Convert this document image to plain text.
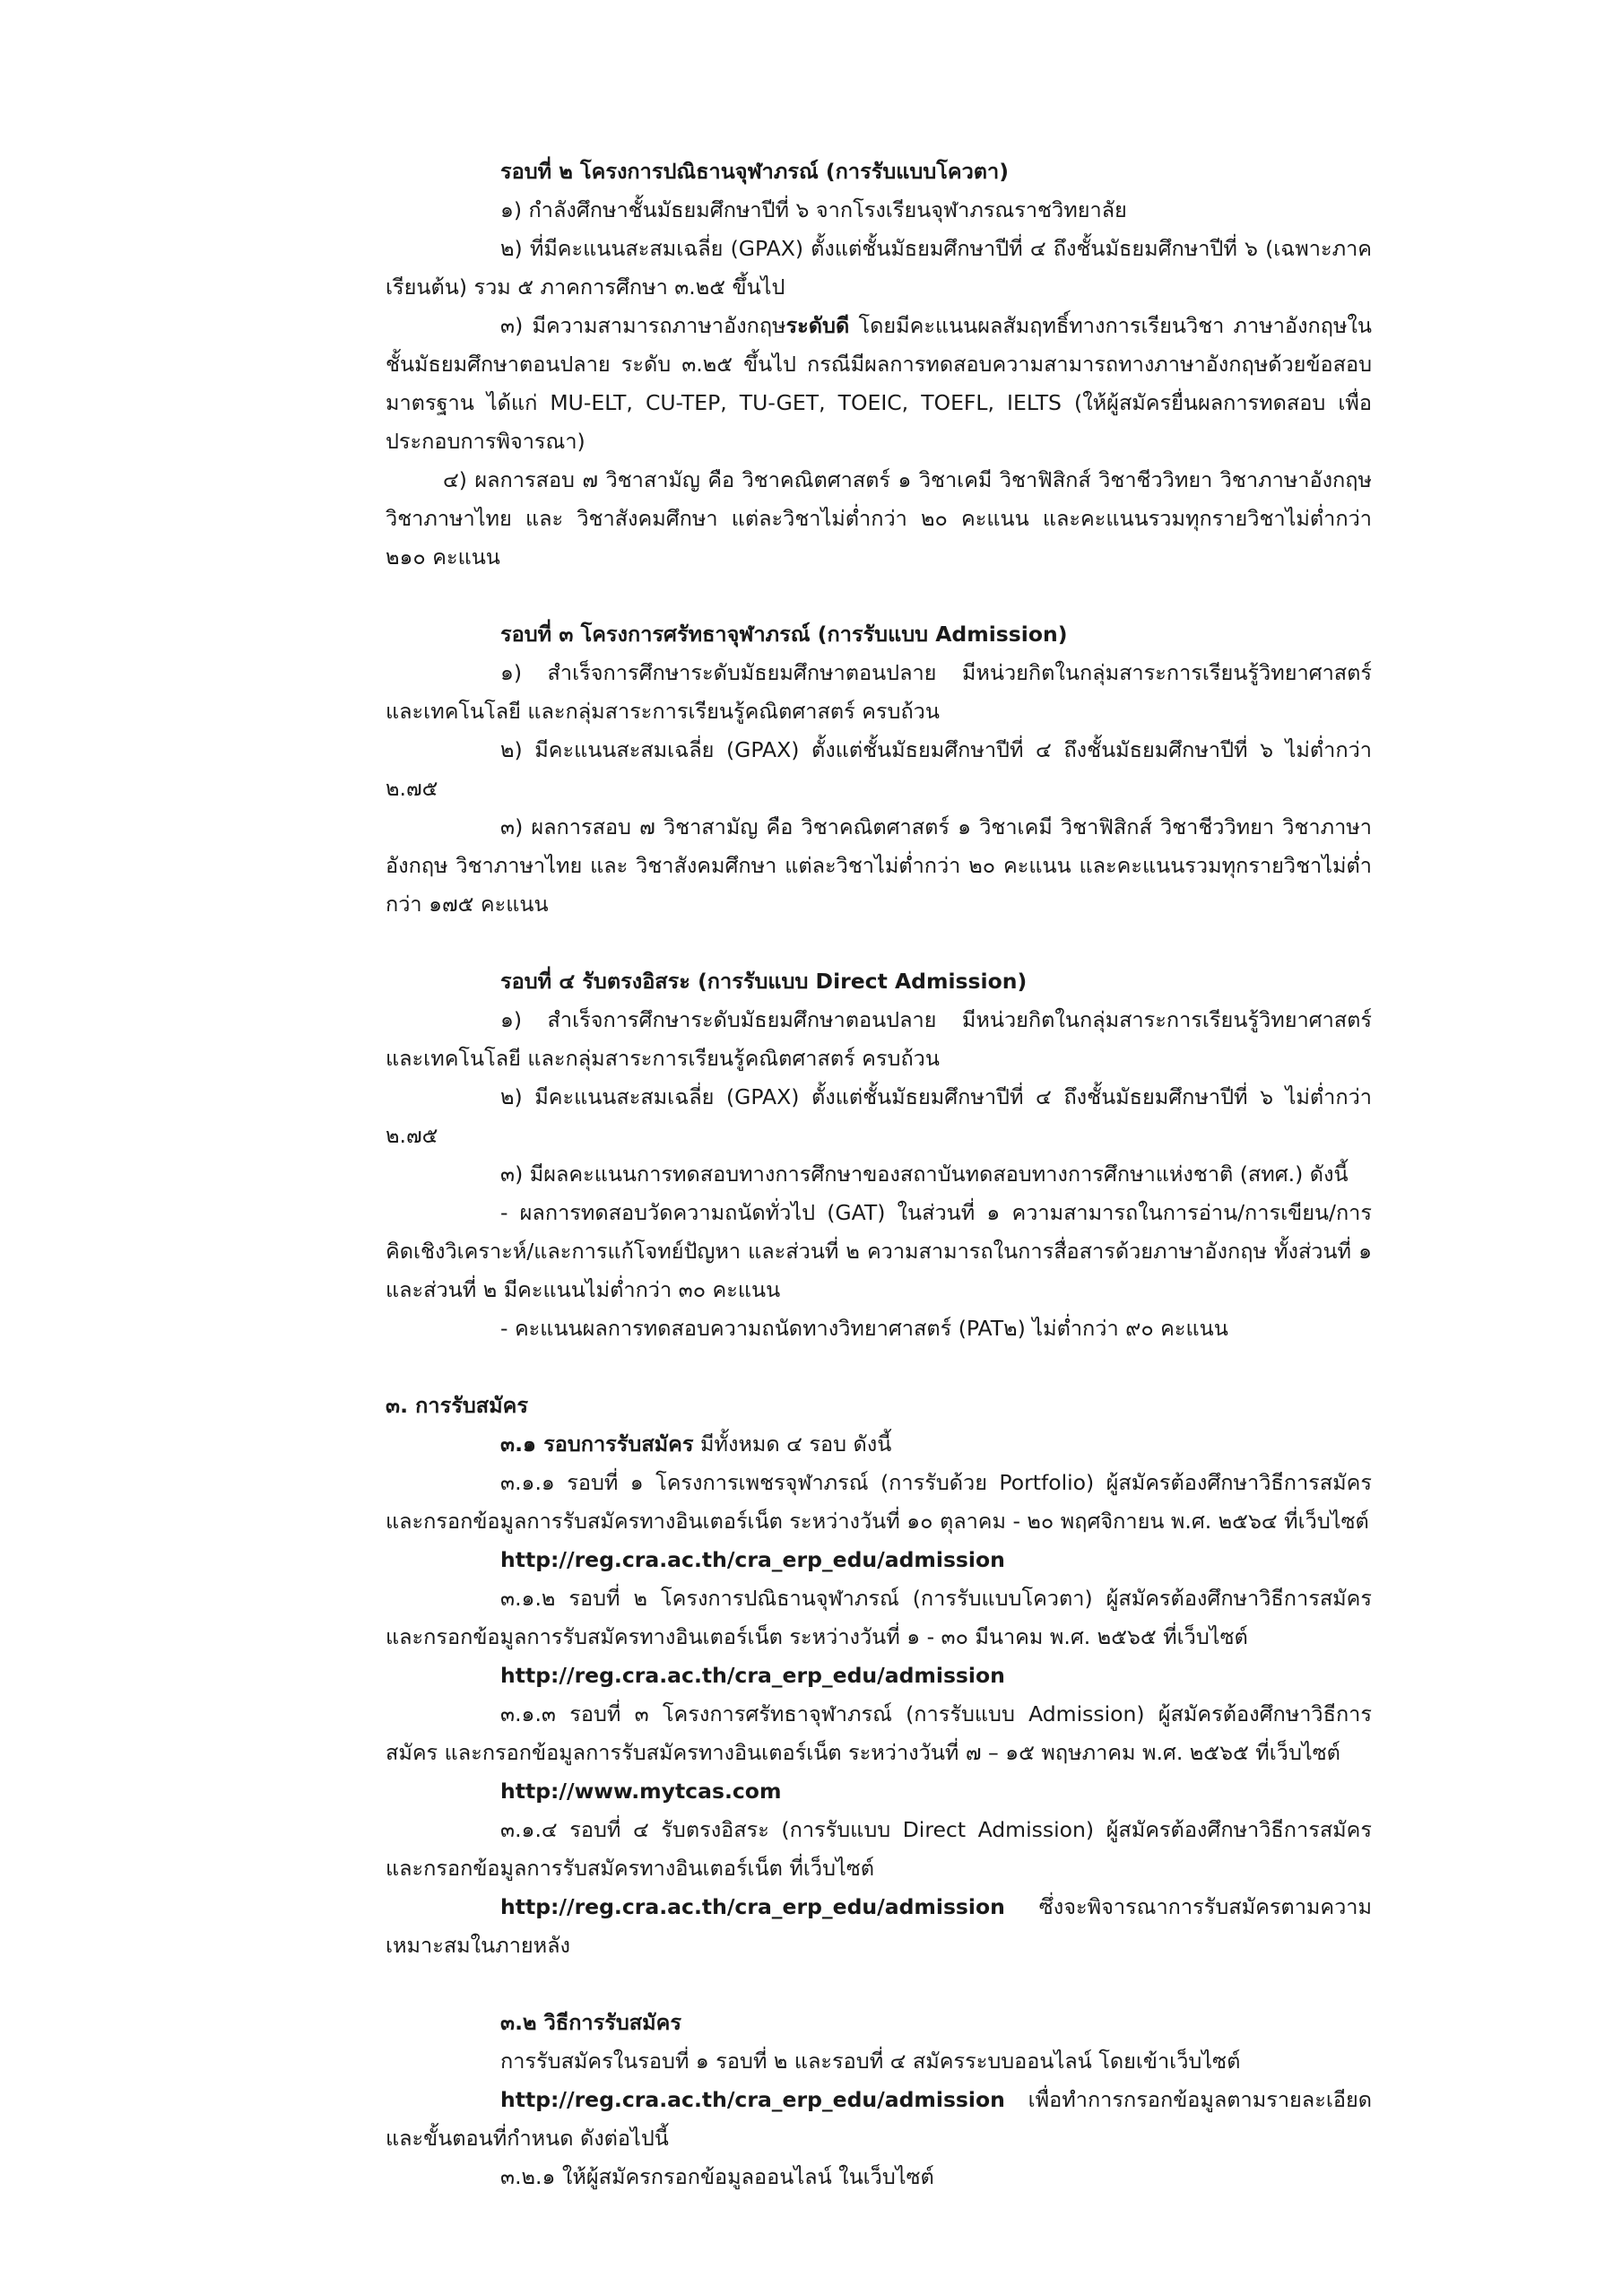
รอบที่ ๒ โครงการปณิธานจุฬาภรณ์ (การรับแบบโควตา)

๑) กำลังศึกษาชั้นมัธยมศึกษาปีที่ ๖ จากโรงเรียนจุฬาภรณราชวิทยาลัย

๒) ที่มีคะแนนสะสมเฉลี่ย (GPAX) ตั้งแต่ชั้นมัธยมศึกษาปีที่ ๔ ถึงชั้นมัธยมศึกษาปีที่ ๖ (เฉพาะภาคเรียนต้น) รวม ๕ ภาคการศึกษา ๓.๒๕ ขึ้นไป

๓) มีความสามารถภาษาอังกฤษระดับดี โดยมีคะแนนผลสัมฤทธิ์ทางการเรียนวิชา ภาษาอังกฤษในชั้นมัธยมศึกษาตอนปลาย ระดับ ๓.๒๕ ขึ้นไป กรณีมีผลการทดสอบความสามารถทางภาษาอังกฤษด้วยข้อสอบมาตรฐาน ได้แก่ MU-ELT, CU-TEP, TU-GET, TOEIC, TOEFL, IELTS (ให้ผู้สมัครยื่นผลการทดสอบ เพื่อประกอบการพิจารณา)

๔) ผลการสอบ ๗ วิชาสามัญ คือ วิชาคณิตศาสตร์ ๑ วิชาเคมี วิชาฟิสิกส์ วิชาชีววิทยา วิชาภาษาอังกฤษ วิชาภาษาไทย และ วิชาสังคมศึกษา แต่ละวิชาไม่ต่ำกว่า ๒๐ คะแนน และคะแนนรวมทุกรายวิชาไม่ต่ำกว่า ๒๑๐ คะแนน

รอบที่ ๓ โครงการศรัทธาจุฬาภรณ์ (การรับแบบ Admission)

๑) สำเร็จการศึกษาระดับมัธยมศึกษาตอนปลาย มีหน่วยกิตในกลุ่มสาระการเรียนรู้วิทยาศาสตร์และเทคโนโลยี และกลุ่มสาระการเรียนรู้คณิตศาสตร์ ครบถ้วน

๒) มีคะแนนสะสมเฉลี่ย (GPAX) ตั้งแต่ชั้นมัธยมศึกษาปีที่ ๔ ถึงชั้นมัธยมศึกษาปีที่ ๖ ไม่ต่ำกว่า ๒.๗๕

๓) ผลการสอบ ๗ วิชาสามัญ คือ วิชาคณิตศาสตร์ ๑ วิชาเคมี วิชาฟิสิกส์ วิชาชีววิทยา วิชาภาษาอังกฤษ วิชาภาษาไทย และ วิชาสังคมศึกษา แต่ละวิชาไม่ต่ำกว่า ๒๐ คะแนน และคะแนนรวมทุกรายวิชาไม่ต่ำกว่า ๑๗๕ คะแนน

รอบที่ ๔ รับตรงอิสระ (การรับแบบ Direct Admission)

๑) สำเร็จการศึกษาระดับมัธยมศึกษาตอนปลาย มีหน่วยกิตในกลุ่มสาระการเรียนรู้วิทยาศาสตร์และเทคโนโลยี และกลุ่มสาระการเรียนรู้คณิตศาสตร์ ครบถ้วน

๒) มีคะแนนสะสมเฉลี่ย (GPAX) ตั้งแต่ชั้นมัธยมศึกษาปีที่ ๔ ถึงชั้นมัธยมศึกษาปีที่ ๖ ไม่ต่ำกว่า ๒.๗๕

๓) มีผลคะแนนการทดสอบทางการศึกษาของสถาบันทดสอบทางการศึกษาแห่งชาติ (สทศ.) ดังนี้

- ผลการทดสอบวัดความถนัดทั่วไป (GAT) ในส่วนที่ ๑ ความสามารถในการอ่าน/การเขียน/การคิดเชิงวิเคราะห์/และการแก้โจทย์ปัญหา และส่วนที่ ๒ ความสามารถในการสื่อสารด้วยภาษาอังกฤษ ทั้งส่วนที่ ๑ และส่วนที่ ๒ มีคะแนนไม่ต่ำกว่า ๓๐ คะแนน

- คะแนนผลการทดสอบความถนัดทางวิทยาศาสตร์ (PAT๒) ไม่ต่ำกว่า ๙๐ คะแนน

๓. การรับสมัคร

๓.๑ รอบการรับสมัคร มีทั้งหมด ๔ รอบ ดังนี้

๓.๑.๑ รอบที่ ๑ โครงการเพชรจุฬาภรณ์ (การรับด้วย Portfolio) ผู้สมัครต้องศึกษาวิธีการสมัคร และกรอกข้อมูลการรับสมัครทางอินเตอร์เน็ต ระหว่างวันที่ ๑๐ ตุลาคม - ๒๐ พฤศจิกายน พ.ศ. ๒๕๖๔ ที่เว็บไซต์

http://reg.cra.ac.th/cra_erp_edu/admission

๓.๑.๒ รอบที่ ๒ โครงการปณิธานจุฬาภรณ์ (การรับแบบโควตา) ผู้สมัครต้องศึกษาวิธีการสมัคร และกรอกข้อมูลการรับสมัครทางอินเตอร์เน็ต ระหว่างวันที่ ๑ - ๓๐ มีนาคม พ.ศ. ๒๕๖๕ ที่เว็บไซต์

http://reg.cra.ac.th/cra_erp_edu/admission

๓.๑.๓ รอบที่ ๓ โครงการศรัทธาจุฬาภรณ์ (การรับแบบ Admission) ผู้สมัครต้องศึกษาวิธีการสมัคร และกรอกข้อมูลการรับสมัครทางอินเตอร์เน็ต ระหว่างวันที่ ๗ – ๑๕ พฤษภาคม พ.ศ. ๒๕๖๕ ที่เว็บไซต์

http://www.mytcas.com

๓.๑.๔ รอบที่ ๔ รับตรงอิสระ (การรับแบบ Direct Admission) ผู้สมัครต้องศึกษาวิธีการสมัคร และกรอกข้อมูลการรับสมัครทางอินเตอร์เน็ต ที่เว็บไซต์

http://reg.cra.ac.th/cra_erp_edu/admission ซึ่งจะพิจารณาการรับสมัครตามความเหมาะสมในภายหลัง

๓.๒ วิธีการรับสมัคร

การรับสมัครในรอบที่ ๑ รอบที่ ๒ และรอบที่ ๔ สมัครระบบออนไลน์ โดยเข้าเว็บไซต์

http://reg.cra.ac.th/cra_erp_edu/admission เพื่อทำการกรอกข้อมูลตามรายละเอียด และขั้นตอนที่กำหนด ดังต่อไปนี้

๓.๒.๑ ให้ผู้สมัครกรอกข้อมูลออนไลน์ ในเว็บไซต์
